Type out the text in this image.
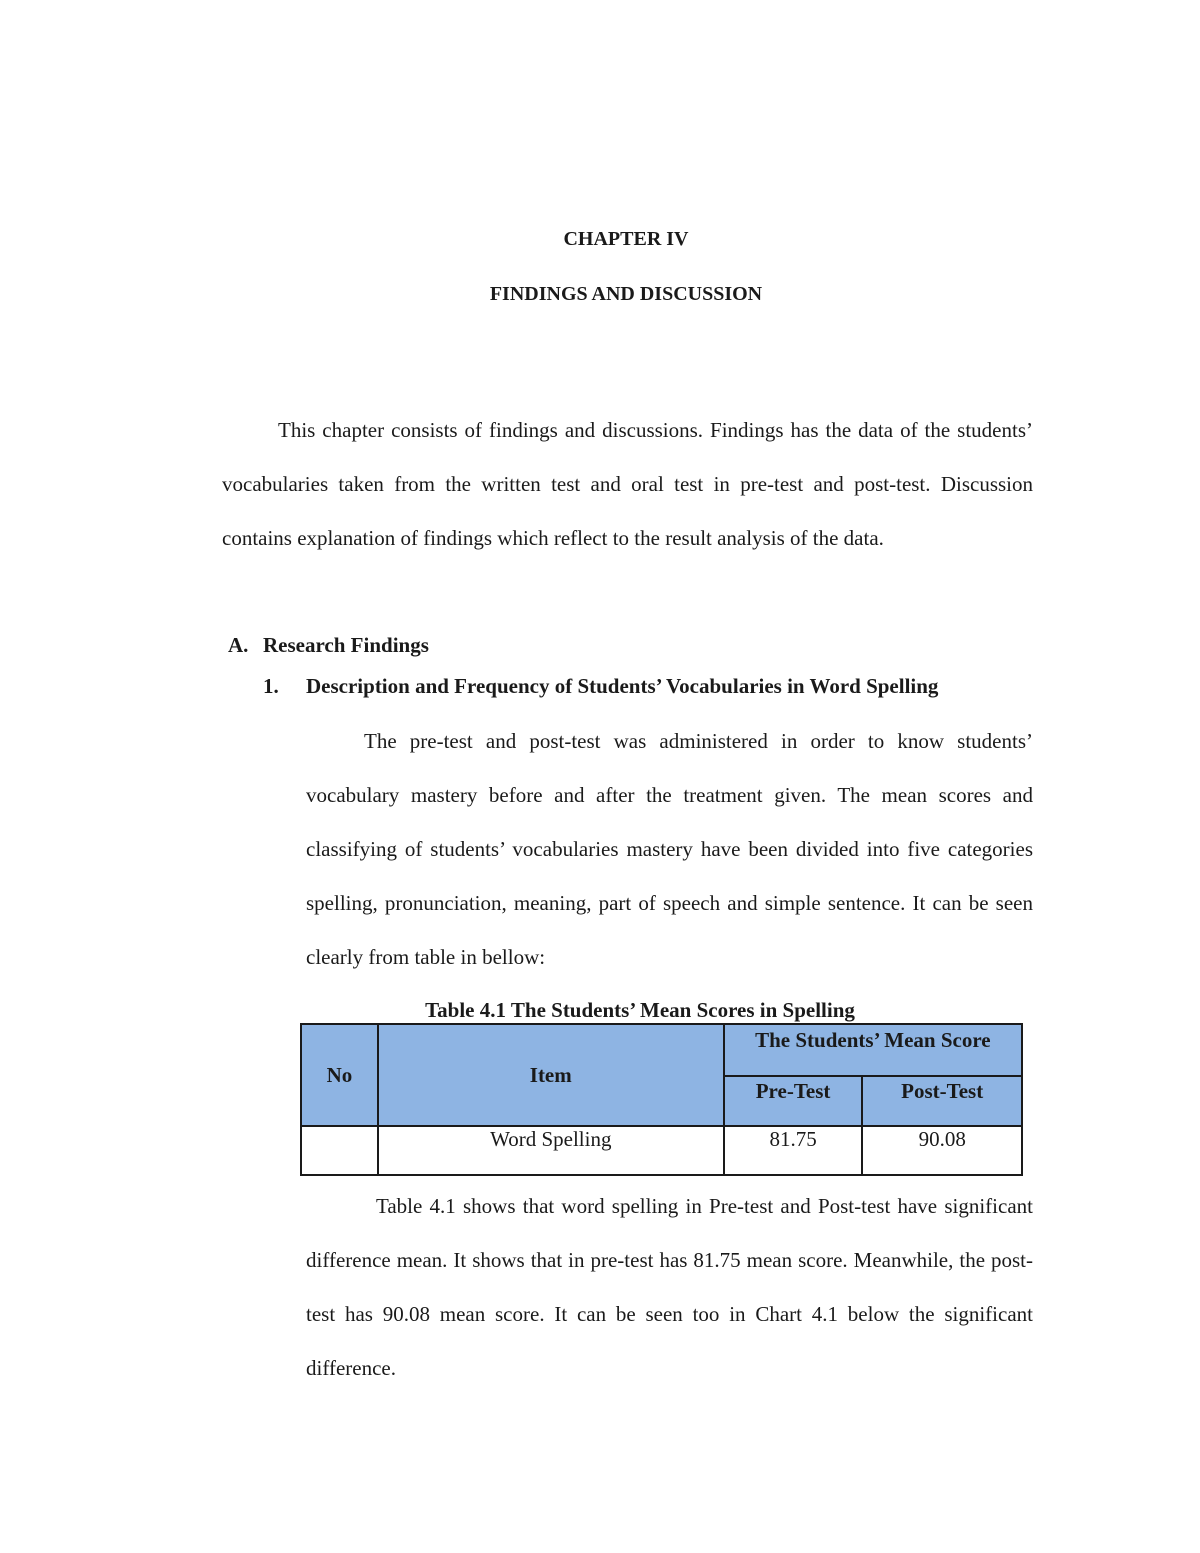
CHAPTER IV
FINDINGS AND DISCUSSION

This chapter consists of findings and discussions. Findings has the data of the students’ vocabularies taken from the written test and oral test in pre-test and post-test. Discussion contains explanation of findings which reflect to the result analysis of the data.

A. Research Findings
1. Description and Frequency of Students’ Vocabularies in Word Spelling

The pre-test and post-test was administered in order to know students’ vocabulary mastery before and after the treatment given. The mean scores and classifying of students’ vocabularies mastery have been divided into five categories spelling, pronunciation, meaning, part of speech and simple sentence. It can be seen clearly from table in bellow:

Table 4.1 The Students’ Mean Scores in Spelling
No	Item	The Students’ Mean Score	
		Pre-Test	Post-Test
	Word Spelling	81.75	90.08

Table 4.1 shows that word spelling in Pre-test and Post-test have significant difference mean. It shows that in pre-test has 81.75 mean score. Meanwhile, the post-test has 90.08 mean score. It can be seen too in Chart 4.1 below the significant difference.
